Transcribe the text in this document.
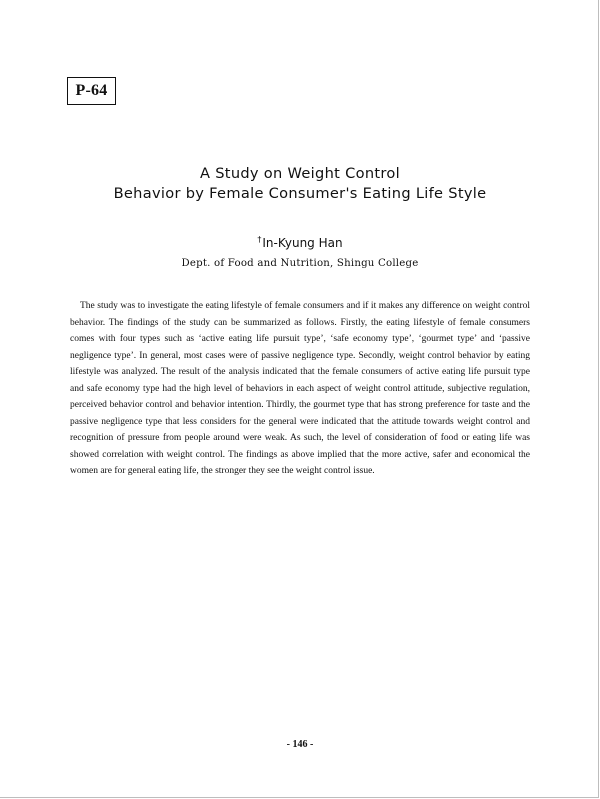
P-64
A Study on Weight Control
Behavior by Female Consumer's Eating Life Style
†In-Kyung Han
Dept. of Food and Nutrition, Shingu College

The study was to investigate the eating lifestyle of female consumers and if it makes any difference on weight control behavior. The findings of the study can be summarized as follows. Firstly, the eating lifestyle of female consumers comes with four types such as ‘active eating life pursuit type’, ‘safe economy type’, ‘gourmet type’ and ‘passive negligence type’. In general, most cases were of passive negligence type. Secondly, weight control behavior by eating lifestyle was analyzed. The result of the analysis indicated that the female consumers of active eating life pursuit type and safe economy type had the high level of behaviors in each aspect of weight control attitude, subjective regulation, perceived behavior control and behavior intention. Thirdly, the gourmet type that has strong preference for taste and the passive negligence type that less considers for the general were indicated that the attitude towards weight control and recognition of pressure from people around were weak. As such, the level of consideration of food or eating life was showed correlation with weight control. The findings as above implied that the more active, safer and economical the women are for general eating life, the stronger they see the weight control issue.

- 146 -
